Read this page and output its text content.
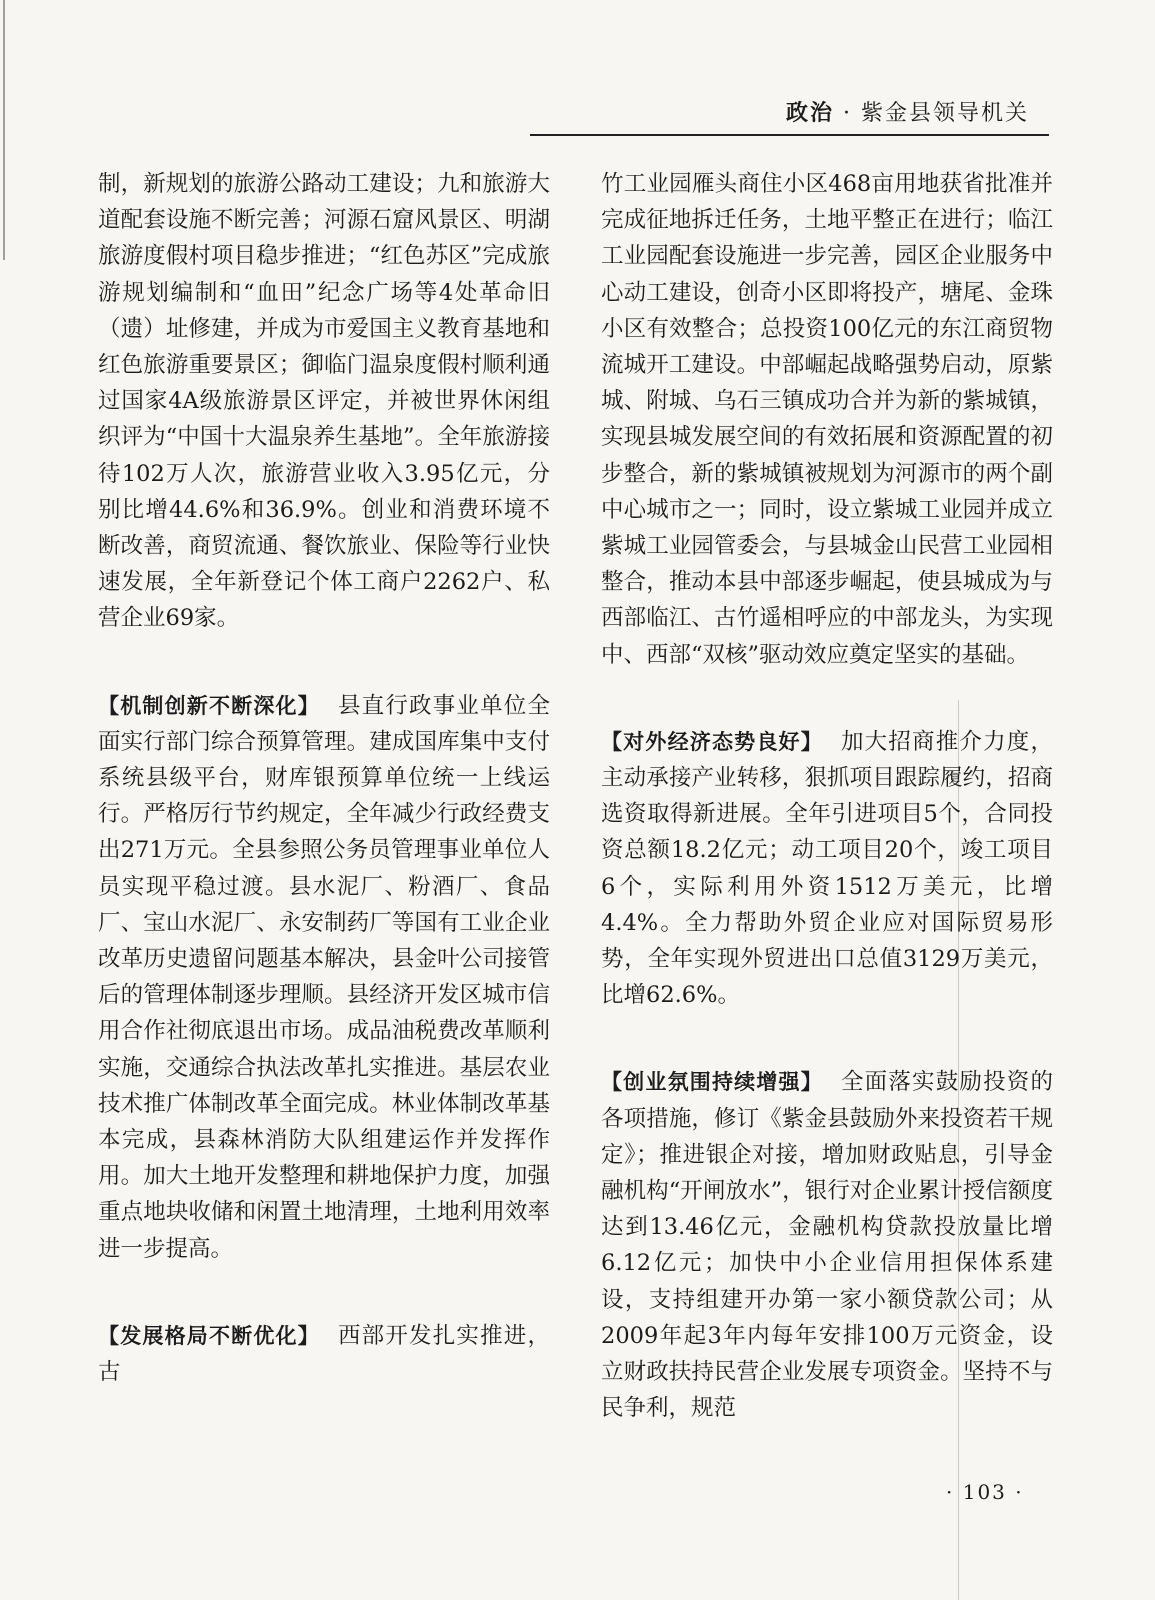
政治 · 紫金县领导机关

制，新规划的旅游公路动工建设；九和旅游大道配套设施不断完善；河源石窟风景区、明湖旅游度假村项目稳步推进；“红色苏区”完成旅游规划编制和“血田”纪念广场等4处革命旧（遗）址修建，并成为市爱国主义教育基地和红色旅游重要景区；御临门温泉度假村顺利通过国家4A级旅游景区评定，并被世界休闲组织评为“中国十大温泉养生基地”。全年旅游接待102万人次，旅游营业收入3.95亿元，分别比增44.6%和36.9%。创业和消费环境不断改善，商贸流通、餐饮旅业、保险等行业快速发展，全年新登记个体工商户2262户、私营企业69家。

【机制创新不断深化】 县直行政事业单位全面实行部门综合预算管理。建成国库集中支付系统县级平台，财库银预算单位统一上线运行。严格厉行节约规定，全年减少行政经费支出271万元。全县参照公务员管理事业单位人员实现平稳过渡。县水泥厂、粉酒厂、食品厂、宝山水泥厂、永安制药厂等国有工业企业改革历史遗留问题基本解决，县金叶公司接管后的管理体制逐步理顺。县经济开发区城市信用合作社彻底退出市场。成品油税费改革顺利实施，交通综合执法改革扎实推进。基层农业技术推广体制改革全面完成。林业体制改革基本完成，县森林消防大队组建运作并发挥作用。加大土地开发整理和耕地保护力度，加强重点地块收储和闲置土地清理，土地利用效率进一步提高。

【发展格局不断优化】 西部开发扎实推进，古

竹工业园雁头商住小区468亩用地获省批准并完成征地拆迁任务，土地平整正在进行；临江工业园配套设施进一步完善，园区企业服务中心动工建设，创奇小区即将投产，塘尾、金珠小区有效整合；总投资100亿元的东江商贸物流城开工建设。中部崛起战略强势启动，原紫城、附城、乌石三镇成功合并为新的紫城镇，实现县城发展空间的有效拓展和资源配置的初步整合，新的紫城镇被规划为河源市的两个副中心城市之一；同时，设立紫城工业园并成立紫城工业园管委会，与县城金山民营工业园相整合，推动本县中部逐步崛起，使县城成为与西部临江、古竹遥相呼应的中部龙头，为实现中、西部“双核”驱动效应奠定坚实的基础。

【对外经济态势良好】 加大招商推介力度，主动承接产业转移，狠抓项目跟踪履约，招商选资取得新进展。全年引进项目5个，合同投资总额18.2亿元；动工项目20个，竣工项目6个，实际利用外资1512万美元，比增4.4%。全力帮助外贸企业应对国际贸易形势，全年实现外贸进出口总值3129万美元，比增62.6%。

【创业氛围持续增强】 全面落实鼓励投资的各项措施，修订《紫金县鼓励外来投资若干规定》；推进银企对接，增加财政贴息，引导金融机构“开闸放水”，银行对企业累计授信额度达到13.46亿元，金融机构贷款投放量比增6.12亿元；加快中小企业信用担保体系建设，支持组建开办第一家小额贷款公司；从2009年起3年内每年安排100万元资金，设立财政扶持民营企业发展专项资金。坚持不与民争利，规范

· 103 ·
